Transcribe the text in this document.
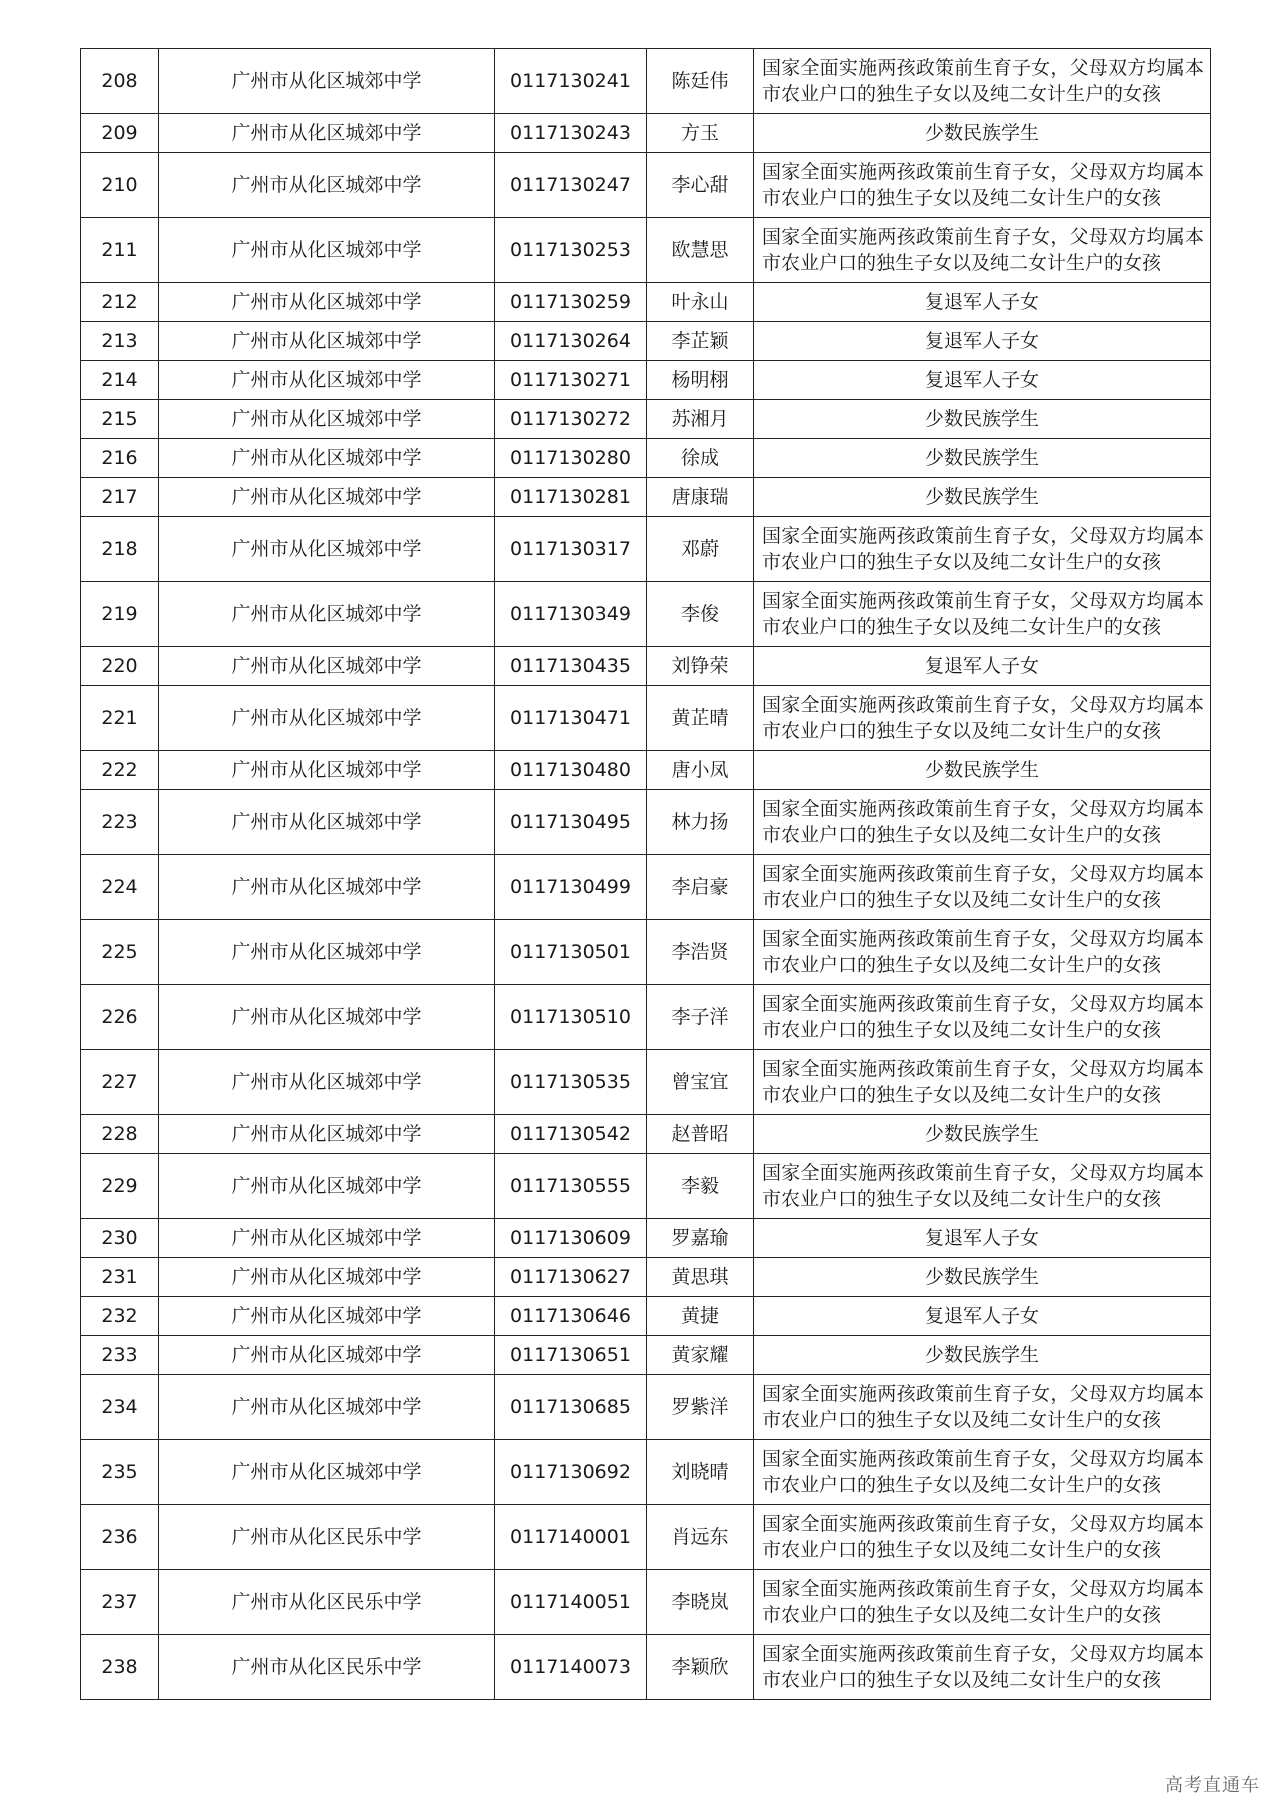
208	广州市从化区城郊中学	0117130241	陈廷伟	国家全面实施两孩政策前生育子女，父母双方均属本市农业户口的独生子女以及纯二女计生户的女孩
209	广州市从化区城郊中学	0117130243	方玉	少数民族学生
210	广州市从化区城郊中学	0117130247	李心甜	国家全面实施两孩政策前生育子女，父母双方均属本市农业户口的独生子女以及纯二女计生户的女孩
211	广州市从化区城郊中学	0117130253	欧慧思	国家全面实施两孩政策前生育子女，父母双方均属本市农业户口的独生子女以及纯二女计生户的女孩
212	广州市从化区城郊中学	0117130259	叶永山	复退军人子女
213	广州市从化区城郊中学	0117130264	李芷颖	复退军人子女
214	广州市从化区城郊中学	0117130271	杨明栩	复退军人子女
215	广州市从化区城郊中学	0117130272	苏湘月	少数民族学生
216	广州市从化区城郊中学	0117130280	徐成	少数民族学生
217	广州市从化区城郊中学	0117130281	唐康瑞	少数民族学生
218	广州市从化区城郊中学	0117130317	邓蔚	国家全面实施两孩政策前生育子女，父母双方均属本市农业户口的独生子女以及纯二女计生户的女孩
219	广州市从化区城郊中学	0117130349	李俊	国家全面实施两孩政策前生育子女，父母双方均属本市农业户口的独生子女以及纯二女计生户的女孩
220	广州市从化区城郊中学	0117130435	刘铮荣	复退军人子女
221	广州市从化区城郊中学	0117130471	黄芷晴	国家全面实施两孩政策前生育子女，父母双方均属本市农业户口的独生子女以及纯二女计生户的女孩
222	广州市从化区城郊中学	0117130480	唐小凤	少数民族学生
223	广州市从化区城郊中学	0117130495	林力扬	国家全面实施两孩政策前生育子女，父母双方均属本市农业户口的独生子女以及纯二女计生户的女孩
224	广州市从化区城郊中学	0117130499	李启豪	国家全面实施两孩政策前生育子女，父母双方均属本市农业户口的独生子女以及纯二女计生户的女孩
225	广州市从化区城郊中学	0117130501	李浩贤	国家全面实施两孩政策前生育子女，父母双方均属本市农业户口的独生子女以及纯二女计生户的女孩
226	广州市从化区城郊中学	0117130510	李子洋	国家全面实施两孩政策前生育子女，父母双方均属本市农业户口的独生子女以及纯二女计生户的女孩
227	广州市从化区城郊中学	0117130535	曾宝宜	国家全面实施两孩政策前生育子女，父母双方均属本市农业户口的独生子女以及纯二女计生户的女孩
228	广州市从化区城郊中学	0117130542	赵普昭	少数民族学生
229	广州市从化区城郊中学	0117130555	李毅	国家全面实施两孩政策前生育子女，父母双方均属本市农业户口的独生子女以及纯二女计生户的女孩
230	广州市从化区城郊中学	0117130609	罗嘉瑜	复退军人子女
231	广州市从化区城郊中学	0117130627	黄思琪	少数民族学生
232	广州市从化区城郊中学	0117130646	黄捷	复退军人子女
233	广州市从化区城郊中学	0117130651	黄家耀	少数民族学生
234	广州市从化区城郊中学	0117130685	罗紫洋	国家全面实施两孩政策前生育子女，父母双方均属本市农业户口的独生子女以及纯二女计生户的女孩
235	广州市从化区城郊中学	0117130692	刘晓晴	国家全面实施两孩政策前生育子女，父母双方均属本市农业户口的独生子女以及纯二女计生户的女孩
236	广州市从化区民乐中学	0117140001	肖远东	国家全面实施两孩政策前生育子女，父母双方均属本市农业户口的独生子女以及纯二女计生户的女孩
237	广州市从化区民乐中学	0117140051	李晓岚	国家全面实施两孩政策前生育子女，父母双方均属本市农业户口的独生子女以及纯二女计生户的女孩
238	广州市从化区民乐中学	0117140073	李颖欣	国家全面实施两孩政策前生育子女，父母双方均属本市农业户口的独生子女以及纯二女计生户的女孩
高考直通车
